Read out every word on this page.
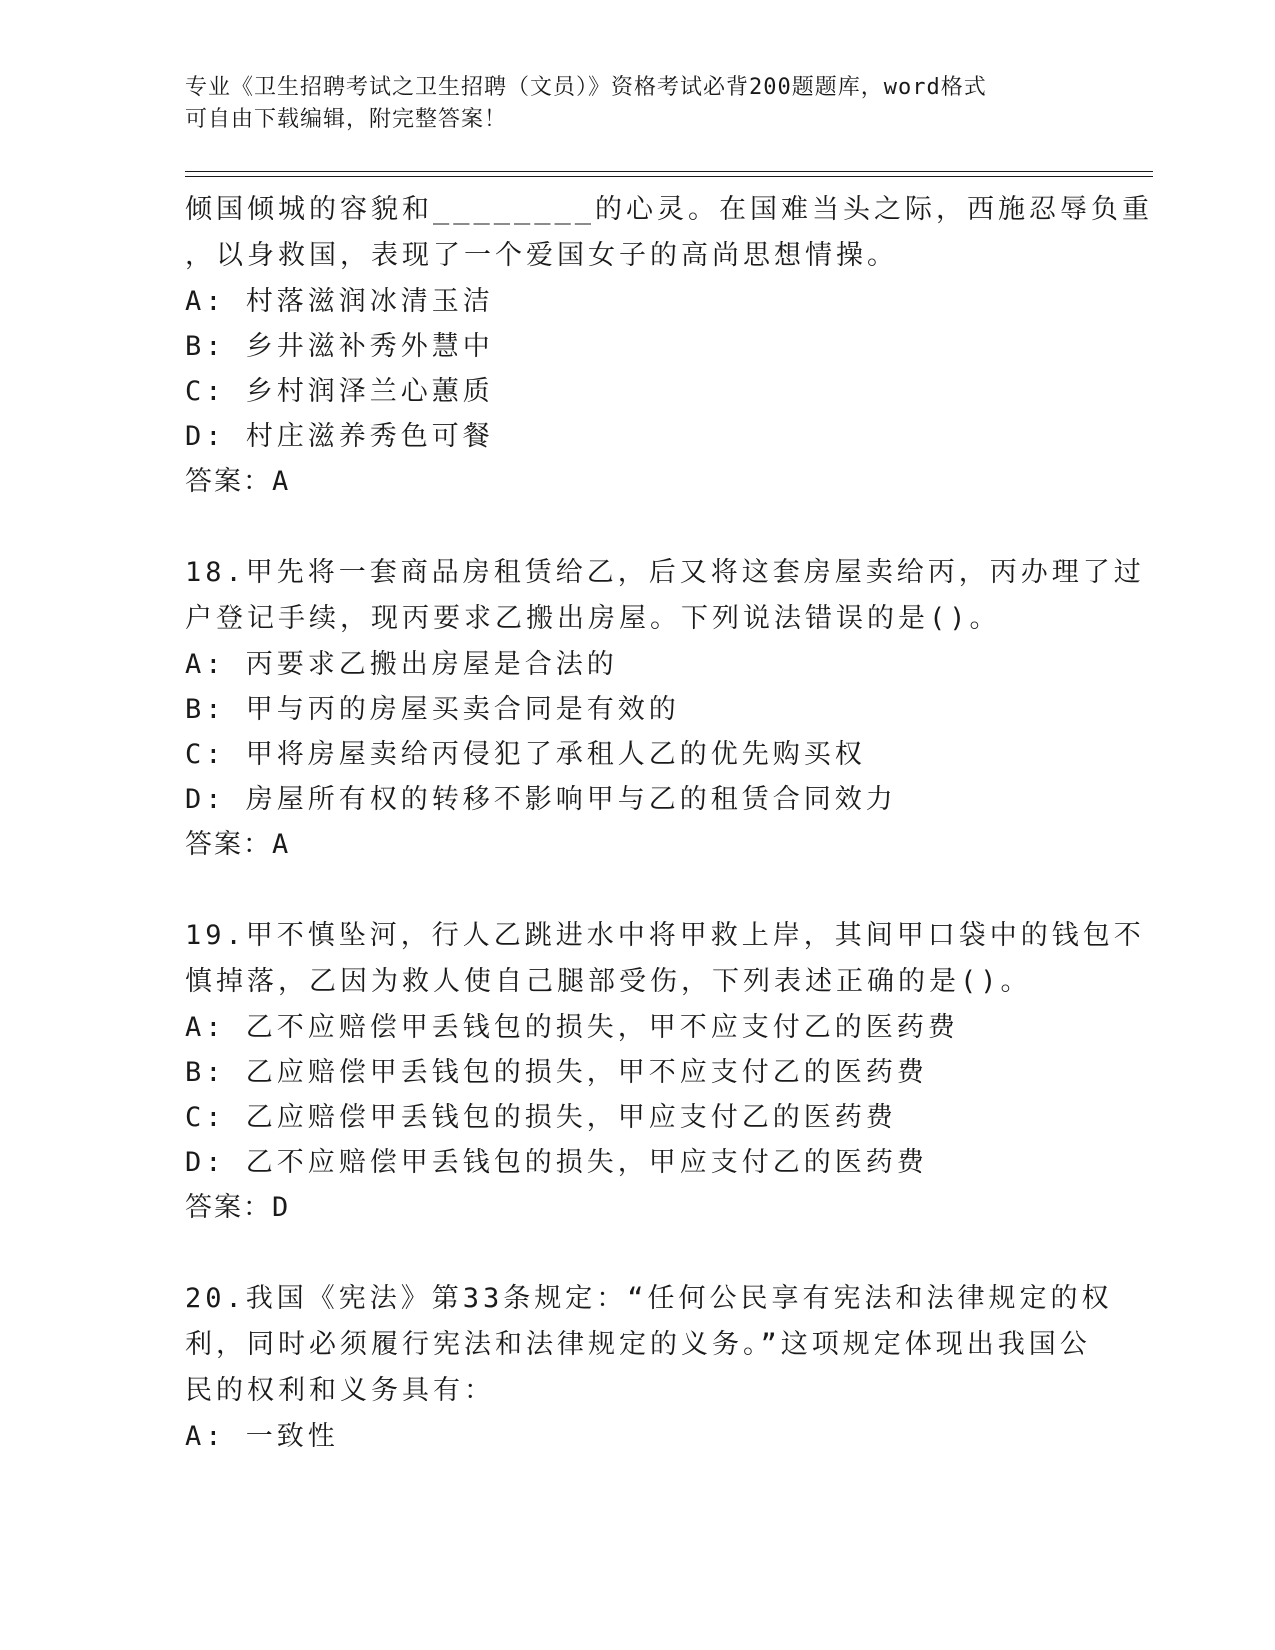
专业《卫生招聘考试之卫生招聘（文员）》资格考试必背200题题库，word格式
可自由下载编辑，附完整答案！
倾国倾城的容貌和________的心灵。在国难当头之际，西施忍辱负重
，以身救国，表现了一个爱国女子的高尚思想情操。
A: 村落滋润冰清玉洁
B: 乡井滋补秀外慧中
C: 乡村润泽兰心蕙质
D: 村庄滋养秀色可餐
答案：A
18.甲先将一套商品房租赁给乙，后又将这套房屋卖给丙，丙办理了过
户登记手续，现丙要求乙搬出房屋。下列说法错误的是()。
A: 丙要求乙搬出房屋是合法的
B: 甲与丙的房屋买卖合同是有效的
C: 甲将房屋卖给丙侵犯了承租人乙的优先购买权
D: 房屋所有权的转移不影响甲与乙的租赁合同效力
答案：A
19.甲不慎坠河，行人乙跳进水中将甲救上岸，其间甲口袋中的钱包不
慎掉落，乙因为救人使自己腿部受伤，下列表述正确的是()。
A: 乙不应赔偿甲丢钱包的损失，甲不应支付乙的医药费
B: 乙应赔偿甲丢钱包的损失，甲不应支付乙的医药费
C: 乙应赔偿甲丢钱包的损失，甲应支付乙的医药费
D: 乙不应赔偿甲丢钱包的损失，甲应支付乙的医药费
答案：D
20.我国《宪法》第33条规定：“任何公民享有宪法和法律规定的权
利，同时必须履行宪法和法律规定的义务。”这项规定体现出我国公
民的权利和义务具有：
A: 一致性
